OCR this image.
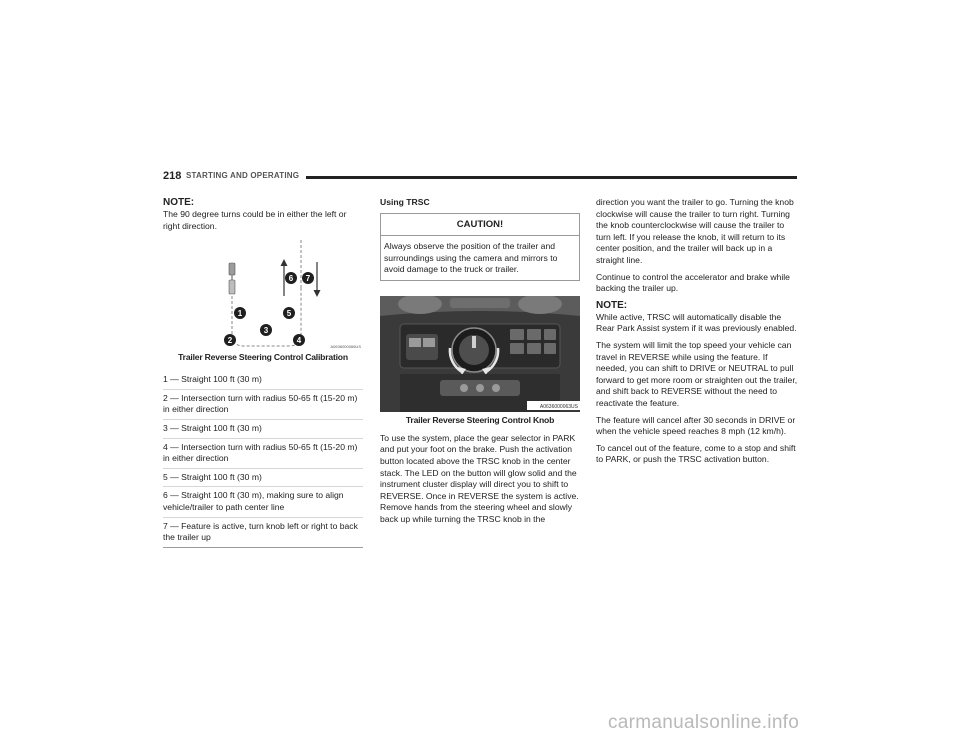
218 STARTING AND OPERATING
NOTE:

The 90 degree turns could be in either the left or right direction.

1
2
3
4
5
6 7
A0636000066US
Trailer Reverse Steering Control Calibration
1 — Straight 100 ft (30 m)
2 — Intersection turn with radius 50-65 ft (15-20 m) in either direction
3 — Straight 100 ft (30 m)
4 — Intersection turn with radius 50-65 ft (15-20 m) in either direction
5 — Straight 100 ft (30 m)
6 — Straight 100 ft (30 m), making sure to align vehicle/trailer to path center line
7 — Feature is active, turn knob left or right to back the trailer up
Using TRSC
CAUTION!
Always observe the position of the trailer and surroundings using the camera and mirrors to avoid damage to the truck or trailer.
A0636000063US
Trailer Reverse Steering Control Knob

To use the system, place the gear selector in PARK and put your foot on the brake. Push the activation button located above the TRSC knob in the center stack. The LED on the button will glow solid and the instrument cluster display will direct you to shift to REVERSE. Once in REVERSE the system is active. Remove hands from the steering wheel and slowly back up while turning the TRSC knob in the

direction you want the trailer to go. Turning the knob clockwise will cause the trailer to turn right. Turning the knob counterclockwise will cause the trailer to turn left. If you release the knob, it will return to its center position, and the trailer will back up in a straight line.

Continue to control the accelerator and brake while backing the trailer up.

NOTE:

While active, TRSC will automatically disable the Rear Park Assist system if it was previously enabled.

The system will limit the top speed your vehicle can travel in REVERSE while using the feature. If needed, you can shift to DRIVE or NEUTRAL to pull forward to get more room or straighten out the trailer, and shift back to REVERSE without the need to reactivate the feature.

The feature will cancel after 30 seconds in DRIVE or when the vehicle speed reaches 8 mph (12 km/h).

To cancel out of the feature, come to a stop and shift to PARK, or push the TRSC activation button.

carmanualsonline.info
